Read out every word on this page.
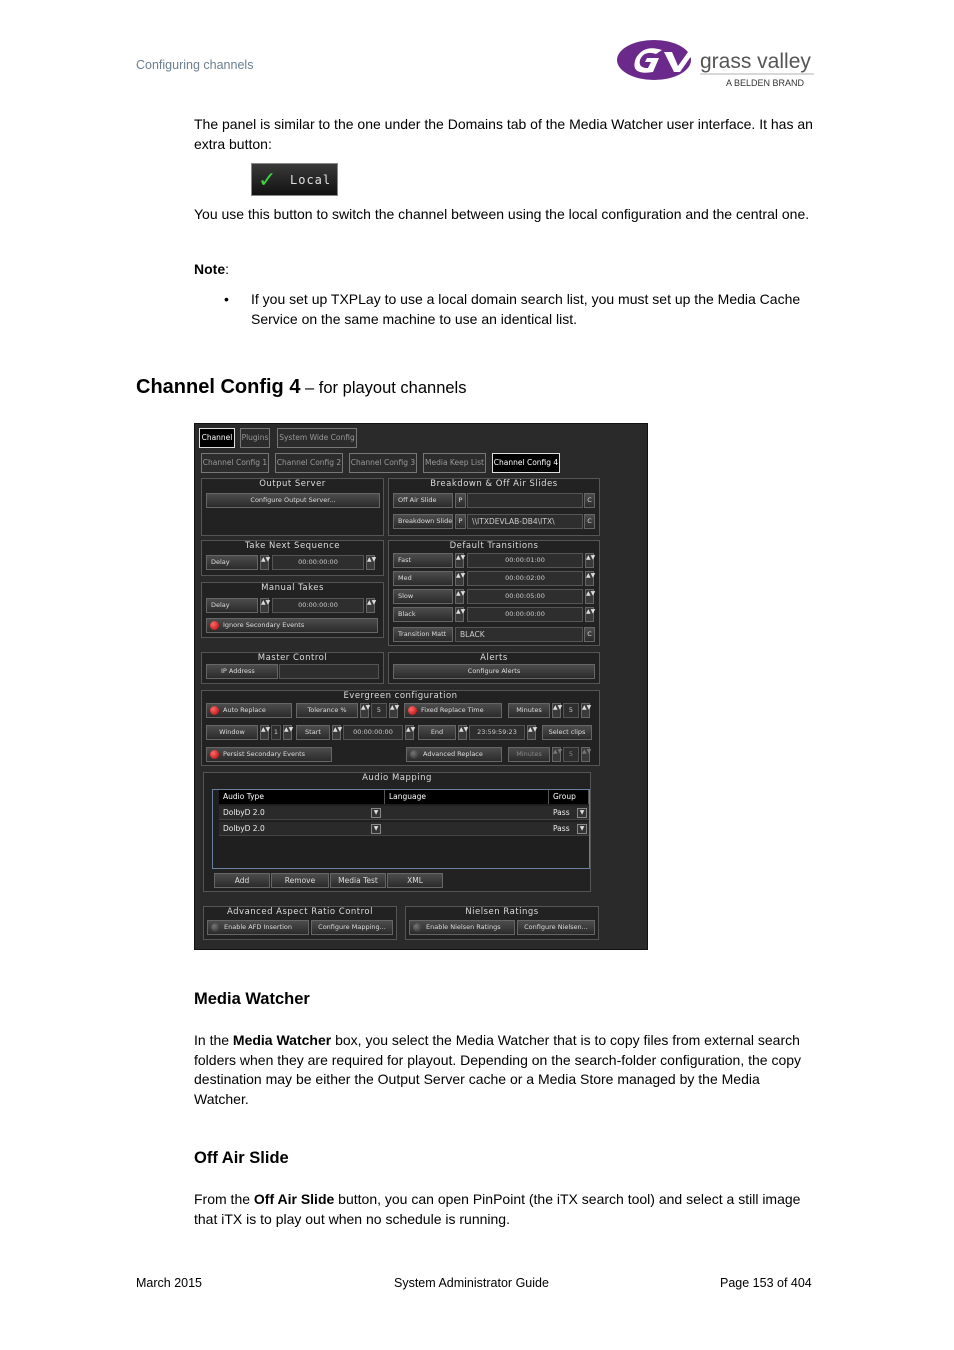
Configuring channels	grass valley
A BELDEN BRAND
The panel is similar to the one under the Domains tab of the Media Watcher user interface. It has an extra button:
✓ Local
You use this button to switch the channel between using the local configuration and the central one.
Note:
• If you set up TXPLay to use a local domain search list, you must set up the Media Cache Service on the same machine to use an identical list.
Channel Config 4 – for playout channels
Channel	Plugins System Wide Config
Channel Config 1 Channel Config 2 Channel Config 3 Media Keep List Channel Config 4
Output Server
Configure Output Server...
Breakdown & Off Air Slides
Off Air Slide	P	C
Breakdown Slide P	\\ITXDEVLAB-DB4\ITX\	C
Take Next Sequence
Delay	▲▼	00:00:00:00	▲▼
Manual Takes
Delay	▲▼	00:00:00:00	▲▼
Ignore Secondary Events
Default Transitions
Fast	▲▼	00:00:01:00	▲▼
Med	▲▼	00:00:02:00	▲▼
Slow	▲▼	00:00:05:00	▲▼
Black	▲▼	00:00:00:00	▲▼
Transition Matt	BLACK	C
Master Control
IP Address
Alerts
Configure Alerts
Evergreen configuration
Auto Replace	Tolerance %	▲▼	5	▲▼	Fixed Replace Time	Minutes	▲▼	5	▲▼
Window	▲▼ 1 ▲▼	Start	▲▼	00:00:00:00	▲▼	End	▲▼	23:59:59:23	▲▼	Select clips
Persist Secondary Events	Advanced Replace	Minutes	▲▼	5	▲▼
Audio Mapping
Audio Type	Language	Group
DolbyD 2.0	▼	Pass	▼
DolbyD 2.0	▼	Pass	▼
Add	Remove	Media Test	XML
Advanced Aspect Ratio Control
Enable AFD Insertion	Configure Mapping...
Nielsen Ratings
Enable Nielsen Ratings	Configure Nielsen...
Media Watcher
In the Media Watcher box, you select the Media Watcher that is to copy files from external search folders when they are required for playout. Depending on the search-folder configuration, the copy destination may be either the Output Server cache or a Media Store managed by the Media Watcher.
Off Air Slide
From the Off Air Slide button, you can open PinPoint (the iTX search tool) and select a still image that iTX is to play out when no schedule is running.
March 2015	System Administrator Guide	Page 153 of 404
